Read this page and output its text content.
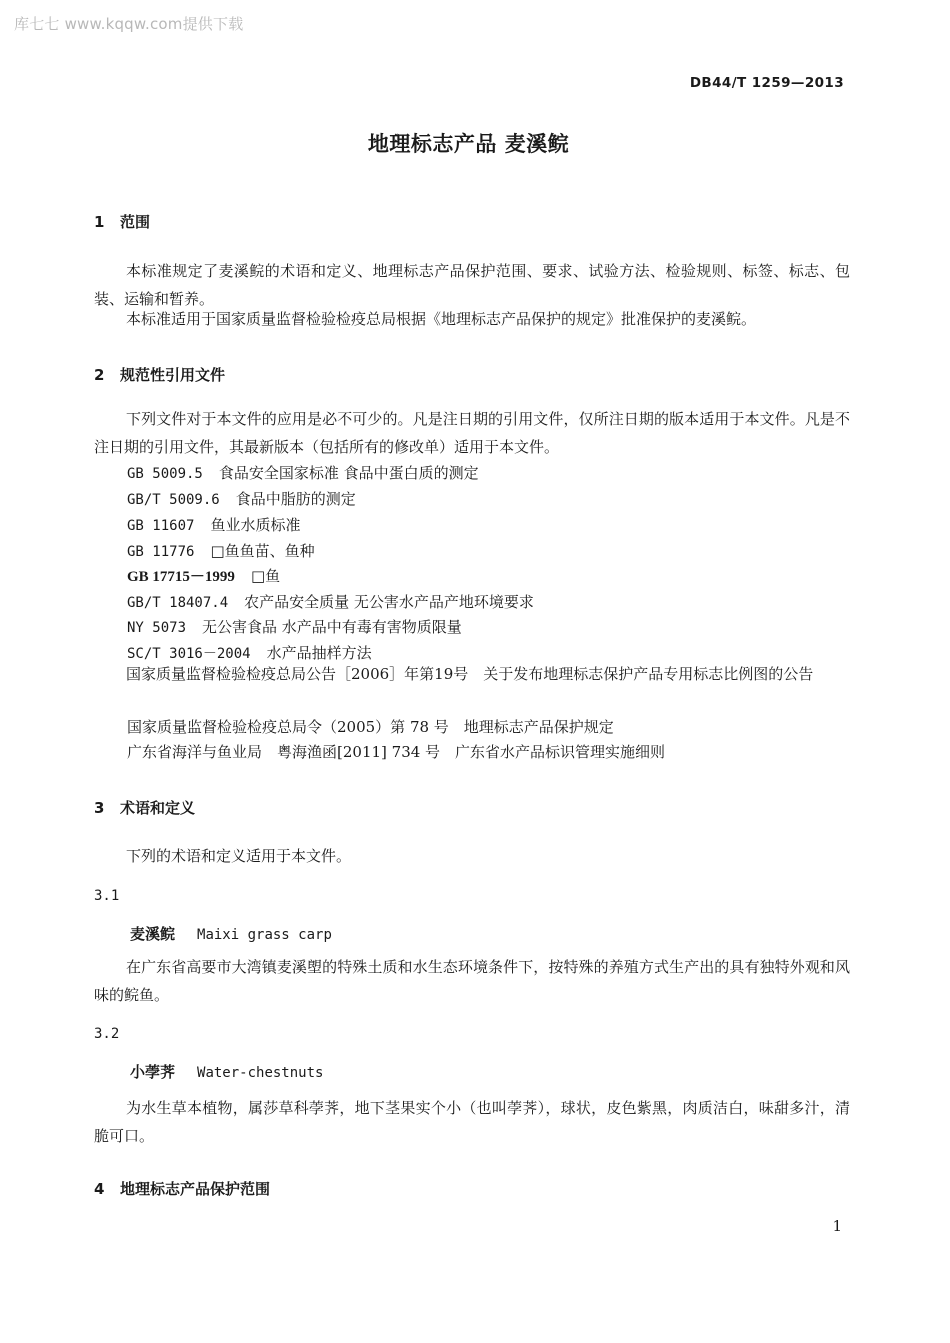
库七七 www.kqqw.com提供下载
DB44/T 1259—2013
地理标志产品 麦溪鲩
1 范围

本标准规定了麦溪鲩的术语和定义、地理标志产品保护范围、要求、试验方法、检验规则、标签、标志、包装、运输和暂养。

本标准适用于国家质量监督检验检疫总局根据《地理标志产品保护的规定》批准保护的麦溪鲩。

2 规范性引用文件

下列文件对于本文件的应用是必不可少的。凡是注日期的引用文件，仅所注日期的版本适用于本文件。凡是不注日期的引用文件，其最新版本（包括所有的修改单）适用于本文件。

GB 5009.5 食品安全国家标准 食品中蛋白质的测定
GB/T 5009.6 食品中脂肪的测定
GB 11607 鱼业水质标准
GB 11776 □鱼鱼苗、鱼种
GB 17715－1999 □鱼
GB/T 18407.4 农产品安全质量 无公害水产品产地环境要求
NY 5073 无公害食品 水产品中有毒有害物质限量
SC/T 3016－2004 水产品抽样方法

国家质量监督检验检疫总局公告［2006］年第19号　关于发布地理标志保护产品专用标志比例图的公告

国家质量监督检验检疫总局令（2005）第 78 号　地理标志产品保护规定
广东省海洋与鱼业局　粤海渔函[2011] 734 号　广东省水产品标识管理实施细则
3 术语和定义

下列的术语和定义适用于本文件。

3.1
麦溪鲩 Maixi grass carp

在广东省高要市大湾镇麦溪塱的特殊土质和水生态环境条件下，按特殊的养殖方式生产出的具有独特外观和风味的鲩鱼。

3.2
小荸荠 Water-chestnuts

为水生草本植物，属莎草科荸荠，地下茎果实个小（也叫荸荠），球状，皮色紫黑，肉质洁白，味甜多汁，清脆可口。

4 地理标志产品保护范围
1
